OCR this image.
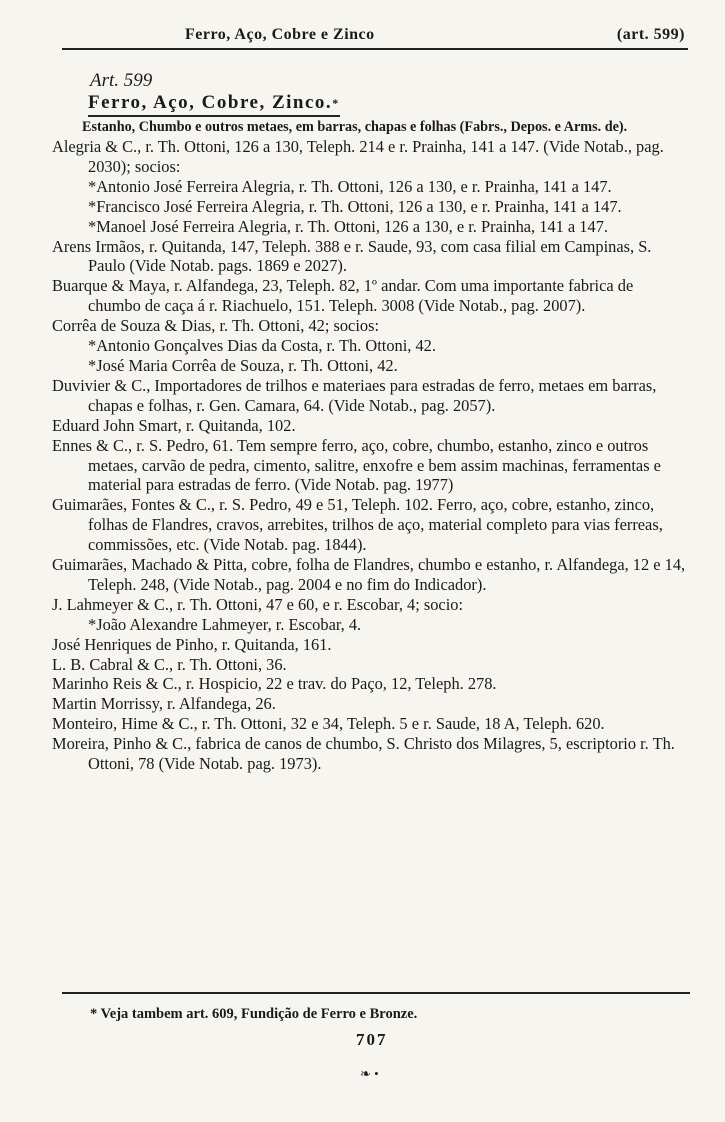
Ferro, Aço, Cobre e Zinco	(art. 599)
Art. 599
Ferro, Aço, Cobre, Zinco.*

Estanho, Chumbo e outros metaes, em barras, chapas e folhas (Fabrs., Depos. e Arms. de).

Alegria & C., r. Th. Ottoni, 126 a 130, Teleph. 214 e r. Prainha, 141 a 147. (Vide Notab., pag. 2030); socios:

*Antonio José Ferreira Alegria, r. Th. Ottoni, 126 a 130, e r. Prainha, 141 a 147.

*Francisco José Ferreira Alegria, r. Th. Ottoni, 126 a 130, e r. Prainha, 141 a 147.

*Manoel José Ferreira Alegria, r. Th. Ottoni, 126 a 130, e r. Prainha, 141 a 147.

Arens Irmãos, r. Quitanda, 147, Teleph. 388 e r. Saude, 93, com casa filial em Campinas, S. Paulo (Vide Notab. pags. 1869 e 2027).

Buarque & Maya, r. Alfandega, 23, Teleph. 82, 1º andar. Com uma importante fabrica de chumbo de caça á r. Riachuelo, 151. Teleph. 3008 (Vide Notab., pag. 2007).

Corrêa de Souza & Dias, r. Th. Ottoni, 42; socios:

*Antonio Gonçalves Dias da Costa, r. Th. Ottoni, 42.

*José Maria Corrêa de Souza, r. Th. Ottoni, 42.

Duvivier & C., Importadores de trilhos e materiaes para estradas de ferro, metaes em barras, chapas e folhas, r. Gen. Camara, 64. (Vide Notab., pag. 2057).

Eduard John Smart, r. Quitanda, 102.

Ennes & C., r. S. Pedro, 61. Tem sempre ferro, aço, cobre, chumbo, estanho, zinco e outros metaes, carvão de pedra, cimento, salitre, enxofre e bem assim machinas, ferramentas e material para estradas de ferro. (Vide Notab. pag. 1977)

Guimarães, Fontes & C., r. S. Pedro, 49 e 51, Teleph. 102. Ferro, aço, cobre, estanho, zinco, folhas de Flandres, cravos, arrebites, trilhos de aço, material completo para vias ferreas, commissões, etc. (Vide Notab. pag. 1844).

Guimarães, Machado & Pitta, cobre, folha de Flandres, chumbo e estanho, r. Alfandega, 12 e 14, Teleph. 248, (Vide Notab., pag. 2004 e no fim do Indicador).

J. Lahmeyer & C., r. Th. Ottoni, 47 e 60, e r. Escobar, 4; socio:

*João Alexandre Lahmeyer, r. Escobar, 4.

José Henriques de Pinho, r. Quitanda, 161.

L. B. Cabral & C., r. Th. Ottoni, 36.

Marinho Reis & C., r. Hospicio, 22 e trav. do Paço, 12, Teleph. 278.

Martin Morrissy, r. Alfandega, 26.

Monteiro, Hime & C., r. Th. Ottoni, 32 e 34, Teleph. 5 e r. Saude, 18 A, Teleph. 620.

Moreira, Pinho & C., fabrica de canos de chumbo, S. Christo dos Milagres, 5, escriptorio r. Th. Ottoni, 78 (Vide Notab. pag. 1973).

* Veja tambem art. 609, Fundição de Ferro e Bronze.
707
❧ •
